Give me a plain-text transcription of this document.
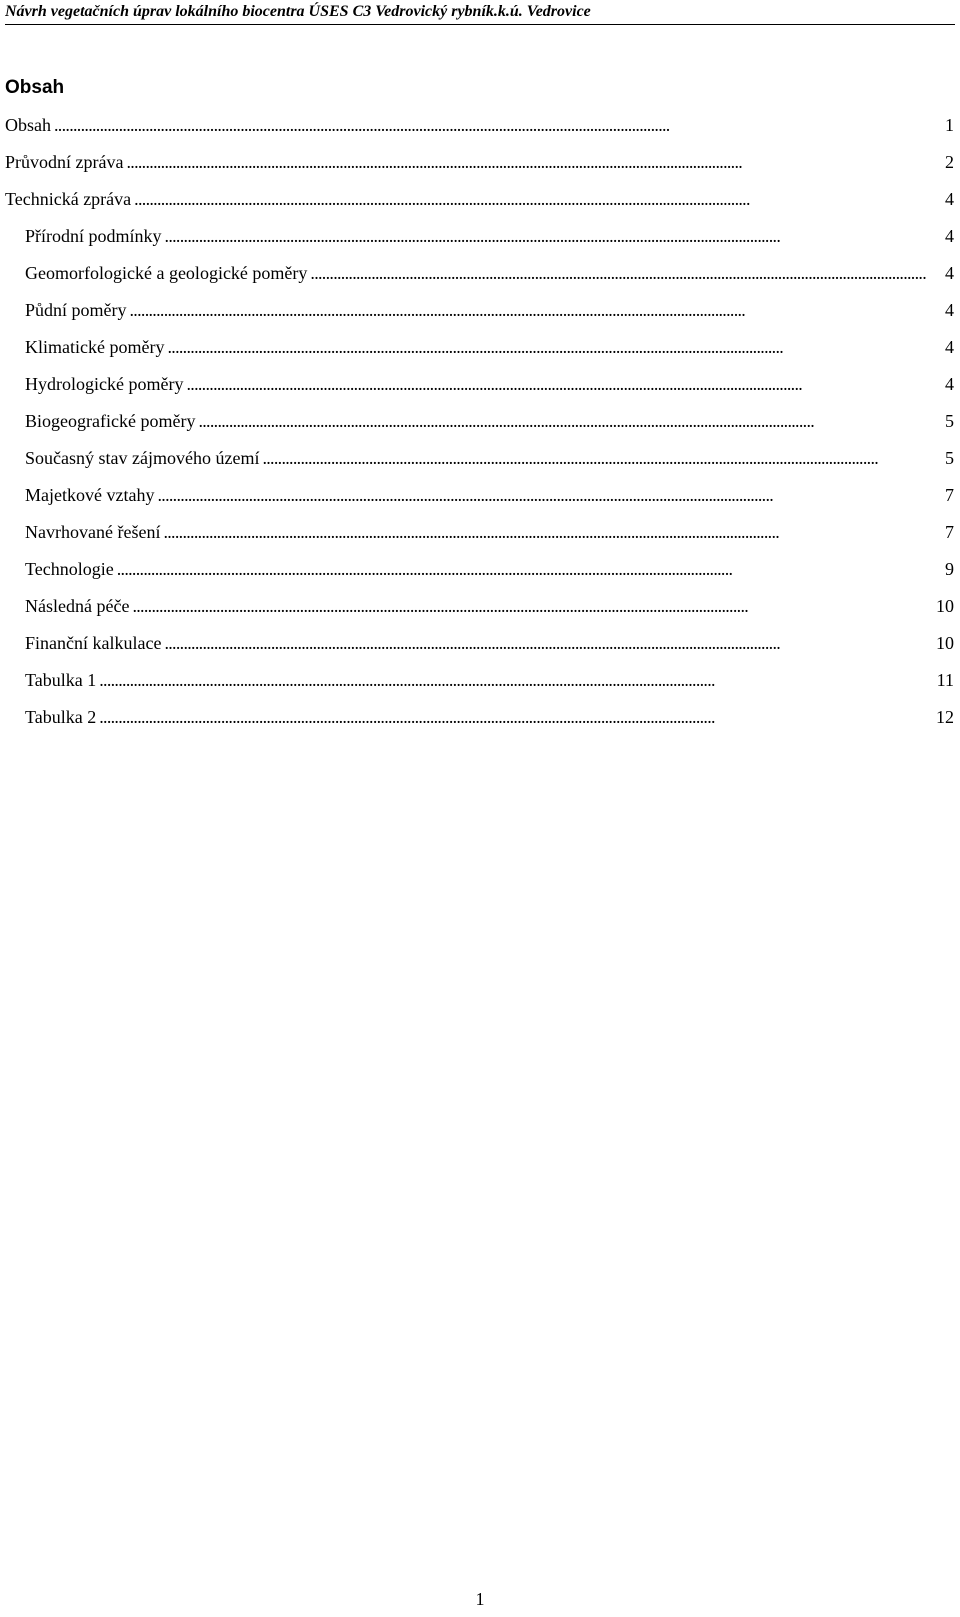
Návrh vegetačních úprav lokálního biocentra ÚSES C3 Vedrovický rybník.k.ú. Vedrovice
Obsah
Obsah . . .	1
Průvodní zpráva . . .	2
Technická zpráva . . .	4
Přírodní podmínky . . .	4
Geomorfologické a geologické poměry . . .	4
Půdní poměry . . .	4
Klimatické poměry . . .	4
Hydrologické poměry . . .	4
Biogeografické poměry . . .	5
Současný stav zájmového území . . .	5
Majetkové vztahy . . .	7
Navrhované řešení . . .	7
Technologie . . .	9
Následná péče . . .	10
Finanční kalkulace . . .	10
Tabulka 1 . . .	11
Tabulka 2 . . .	12
1
